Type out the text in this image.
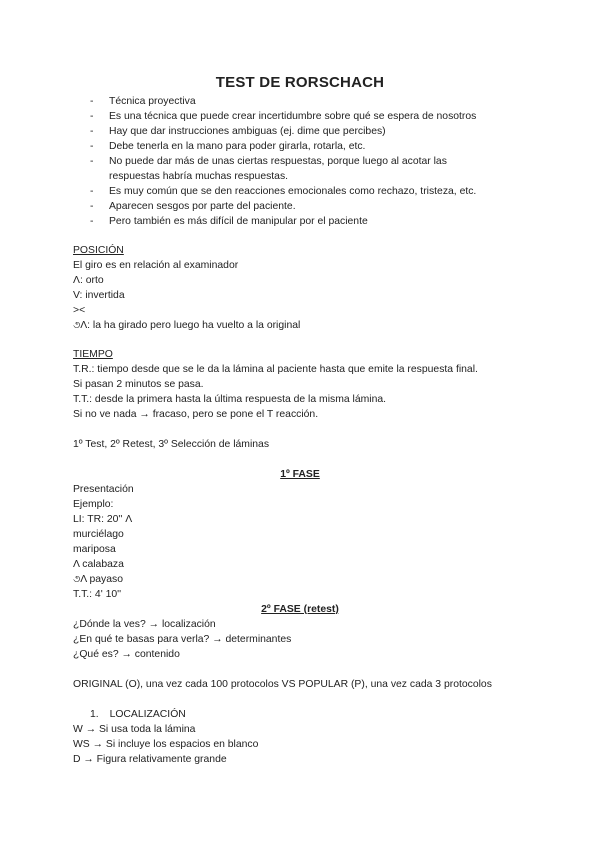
TEST DE RORSCHACH
- Técnica proyectiva
- Es una técnica que puede crear incertidumbre sobre qué se espera de nosotros
- Hay que dar instrucciones ambiguas (ej. dime que percibes)
- Debe tenerla en la mano para poder girarla, rotarla, etc.
- No puede dar más de unas ciertas respuestas, porque luego al acotar las
respuestas habría muchas respuestas.
- Es muy común que se den reacciones emocionales como rechazo, tristeza, etc.
- Aparecen sesgos por parte del paciente.
- Pero también es más difícil de manipular por el paciente
POSICIÓN
El giro es en relación al examinador
Λ: orto
V: invertida
><
૭Λ: la ha girado pero luego ha vuelto a la original
TIEMPO
T.R.: tiempo desde que se le da la lámina al paciente hasta que emite la respuesta final.
Si pasan 2 minutos se pasa.
T.T.: desde la primera hasta la última respuesta de la misma lámina.
Si no ve nada → fracaso, pero se pone el T reacción.
1º Test, 2º Retest, 3º Selección de láminas
1º FASE
Presentación
Ejemplo:
LI: TR: 20'' Λ
murciélago
mariposa
Λ calabaza
૭Λ payaso
T.T.: 4' 10''
2º FASE (retest)
¿Dónde la ves? → localización
¿En qué te basas para verla? → determinantes
¿Qué es? → contenido
ORIGINAL (O), una vez cada 100 protocolos VS POPULAR (P), una vez cada 3 protocolos
1. LOCALIZACIÓN
W → Si usa toda la lámina
WS → Si incluye los espacios en blanco
D → Figura relativamente grande
